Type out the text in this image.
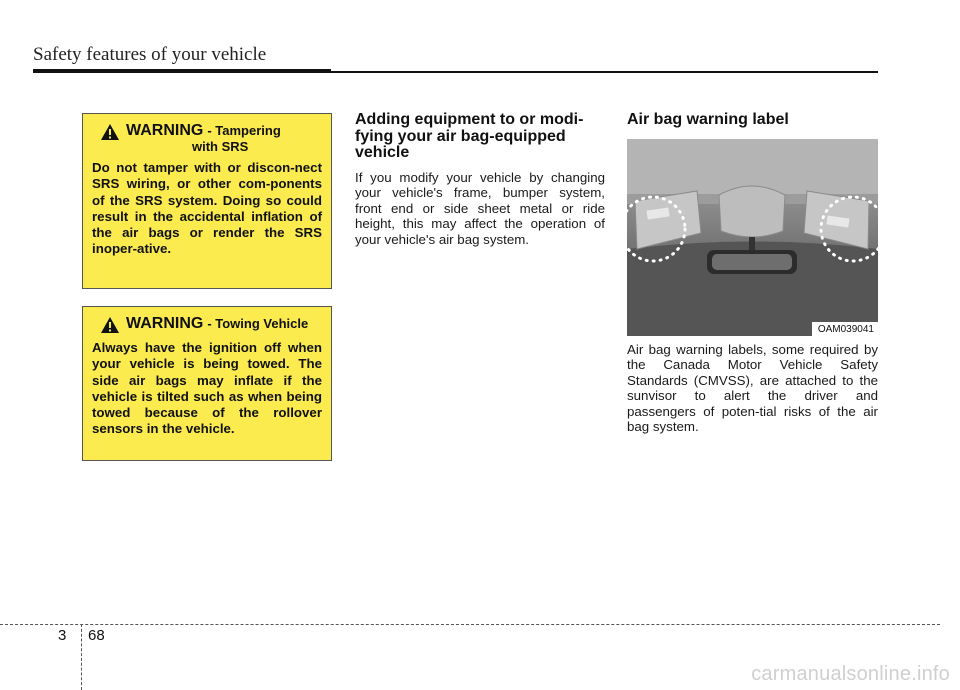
Safety features of your vehicle
WARNING - Tampering
with SRS
Do not tamper with or discon-nect SRS wiring, or other com-ponents of the SRS system. Doing so could result in the accidental inflation of the air bags or render the SRS inoper-ative.
WARNING - Towing Vehicle
Always have the ignition off when your vehicle is being towed. The side air bags may inflate if the vehicle is tilted such as when being towed because of the rollover sensors in the vehicle.
Adding equipment to or modi-fying your air bag-equipped vehicle

If you modify your vehicle by changing your vehicle's frame, bumper system, front end or side sheet metal or ride height, this may affect the operation of your vehicle's air bag system.

Air bag warning label
OAM039041

Air bag warning labels, some required by the Canada Motor Vehicle Safety Standards (CMVSS), are attached to the sunvisor to alert the driver and passengers of poten-tial risks of the air bag system.

3 68
carmanualsonline.info
